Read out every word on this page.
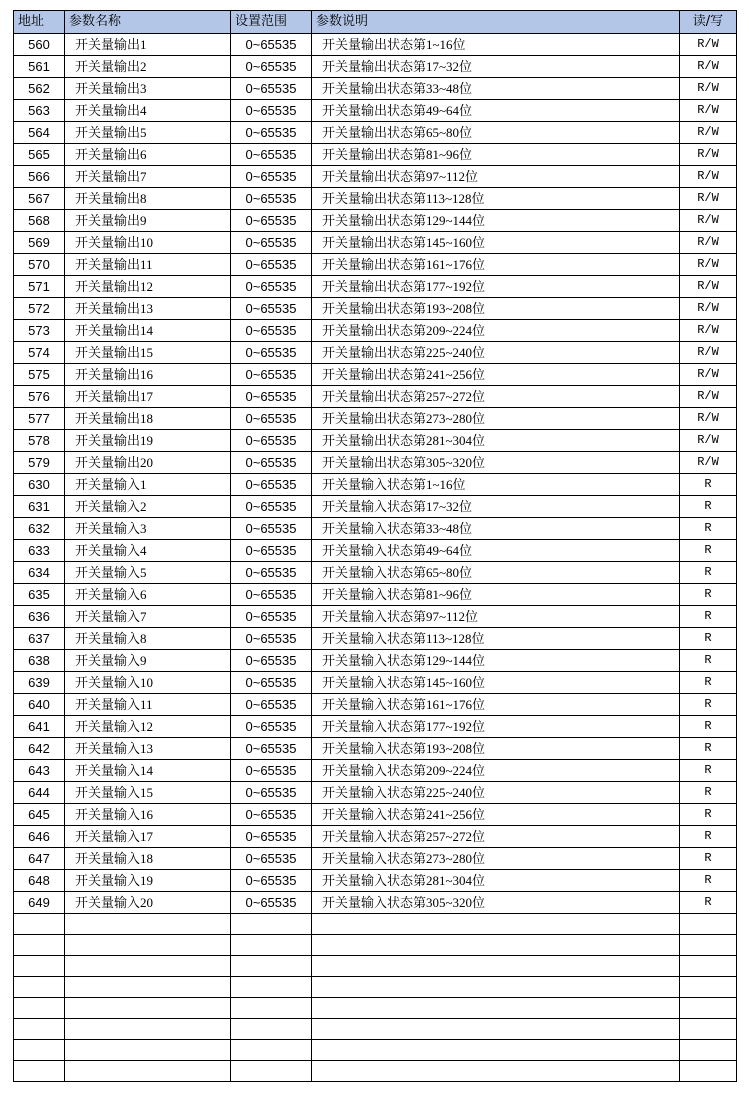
地址	参数名称	设置范围	参数说明	读/写
560	开关量输出1	0~65535	开关量输出状态第1~16位	R/W
561	开关量输出2	0~65535	开关量输出状态第17~32位	R/W
562	开关量输出3	0~65535	开关量输出状态第33~48位	R/W
563	开关量输出4	0~65535	开关量输出状态第49~64位	R/W
564	开关量输出5	0~65535	开关量输出状态第65~80位	R/W
565	开关量输出6	0~65535	开关量输出状态第81~96位	R/W
566	开关量输出7	0~65535	开关量输出状态第97~112位	R/W
567	开关量输出8	0~65535	开关量输出状态第113~128位	R/W
568	开关量输出9	0~65535	开关量输出状态第129~144位	R/W
569	开关量输出10	0~65535	开关量输出状态第145~160位	R/W
570	开关量输出11	0~65535	开关量输出状态第161~176位	R/W
571	开关量输出12	0~65535	开关量输出状态第177~192位	R/W
572	开关量输出13	0~65535	开关量输出状态第193~208位	R/W
573	开关量输出14	0~65535	开关量输出状态第209~224位	R/W
574	开关量输出15	0~65535	开关量输出状态第225~240位	R/W
575	开关量输出16	0~65535	开关量输出状态第241~256位	R/W
576	开关量输出17	0~65535	开关量输出状态第257~272位	R/W
577	开关量输出18	0~65535	开关量输出状态第273~280位	R/W
578	开关量输出19	0~65535	开关量输出状态第281~304位	R/W
579	开关量输出20	0~65535	开关量输出状态第305~320位	R/W
630	开关量输入1	0~65535	开关量输入状态第1~16位	R
631	开关量输入2	0~65535	开关量输入状态第17~32位	R
632	开关量输入3	0~65535	开关量输入状态第33~48位	R
633	开关量输入4	0~65535	开关量输入状态第49~64位	R
634	开关量输入5	0~65535	开关量输入状态第65~80位	R
635	开关量输入6	0~65535	开关量输入状态第81~96位	R
636	开关量输入7	0~65535	开关量输入状态第97~112位	R
637	开关量输入8	0~65535	开关量输入状态第113~128位	R
638	开关量输入9	0~65535	开关量输入状态第129~144位	R
639	开关量输入10	0~65535	开关量输入状态第145~160位	R
640	开关量输入11	0~65535	开关量输入状态第161~176位	R
641	开关量输入12	0~65535	开关量输入状态第177~192位	R
642	开关量输入13	0~65535	开关量输入状态第193~208位	R
643	开关量输入14	0~65535	开关量输入状态第209~224位	R
644	开关量输入15	0~65535	开关量输入状态第225~240位	R
645	开关量输入16	0~65535	开关量输入状态第241~256位	R
646	开关量输入17	0~65535	开关量输入状态第257~272位	R
647	开关量输入18	0~65535	开关量输入状态第273~280位	R
648	开关量输入19	0~65535	开关量输入状态第281~304位	R
649	开关量输入20	0~65535	开关量输入状态第305~320位	R
